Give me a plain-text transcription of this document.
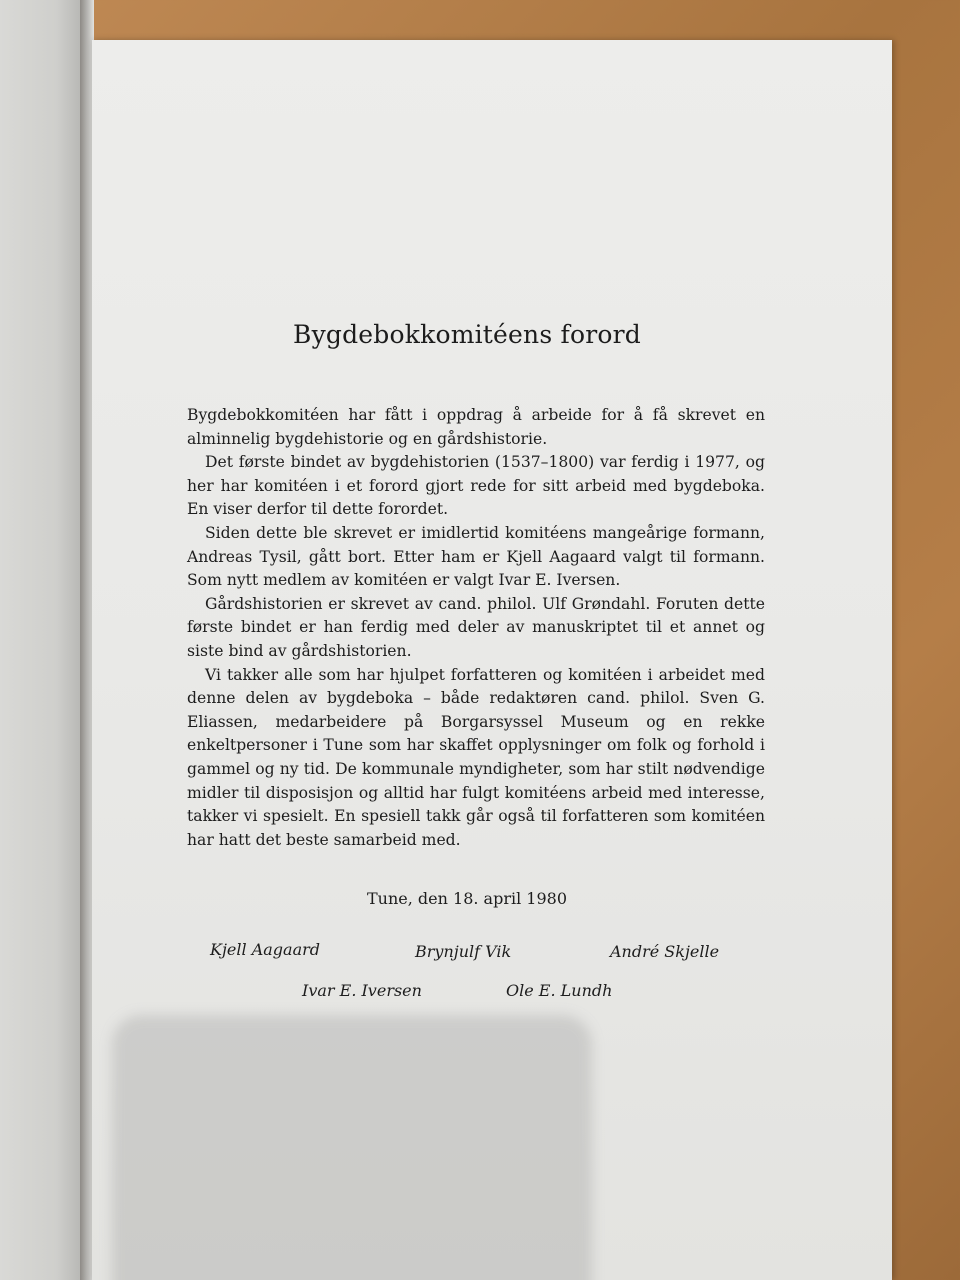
Bygdebokkomitéens forord

Bygdebokkomitéen har fått i oppdrag å arbeide for å få skrevet en alminnelig bygdehistorie og en gårdshistorie.

Det første bindet av bygdehistorien (1537–1800) var ferdig i 1977, og her har komitéen i et forord gjort rede for sitt arbeid med bygdeboka. En viser derfor til dette forordet.

Siden dette ble skrevet er imidlertid komitéens mangeårige formann, Andreas Tysil, gått bort. Etter ham er Kjell Aagaard valgt til formann. Som nytt medlem av komitéen er valgt Ivar E. Iversen.

Gårdshistorien er skrevet av cand. philol. Ulf Grøndahl. Foruten dette første bindet er han ferdig med deler av manuskriptet til et annet og siste bind av gårdshistorien.

Vi takker alle som har hjulpet forfatteren og komitéen i arbeidet med denne delen av bygdeboka – både redaktøren cand. philol. Sven G. Eliassen, medarbeidere på Borgarsyssel Museum og en rekke enkeltpersoner i Tune som har skaffet opplysninger om folk og forhold i gammel og ny tid. De kommunale myndigheter, som har stilt nødvendige midler til disposisjon og alltid har fulgt komitéens arbeid med interesse, takker vi spesielt. En spesiell takk går også til forfatteren som komitéen har hatt det beste samarbeid med.

Tune, den 18. april 1980
Kjell Aagaard	Brynjulf Vik	André Skjelle
Ivar E. Iversen	Ole E. Lundh
